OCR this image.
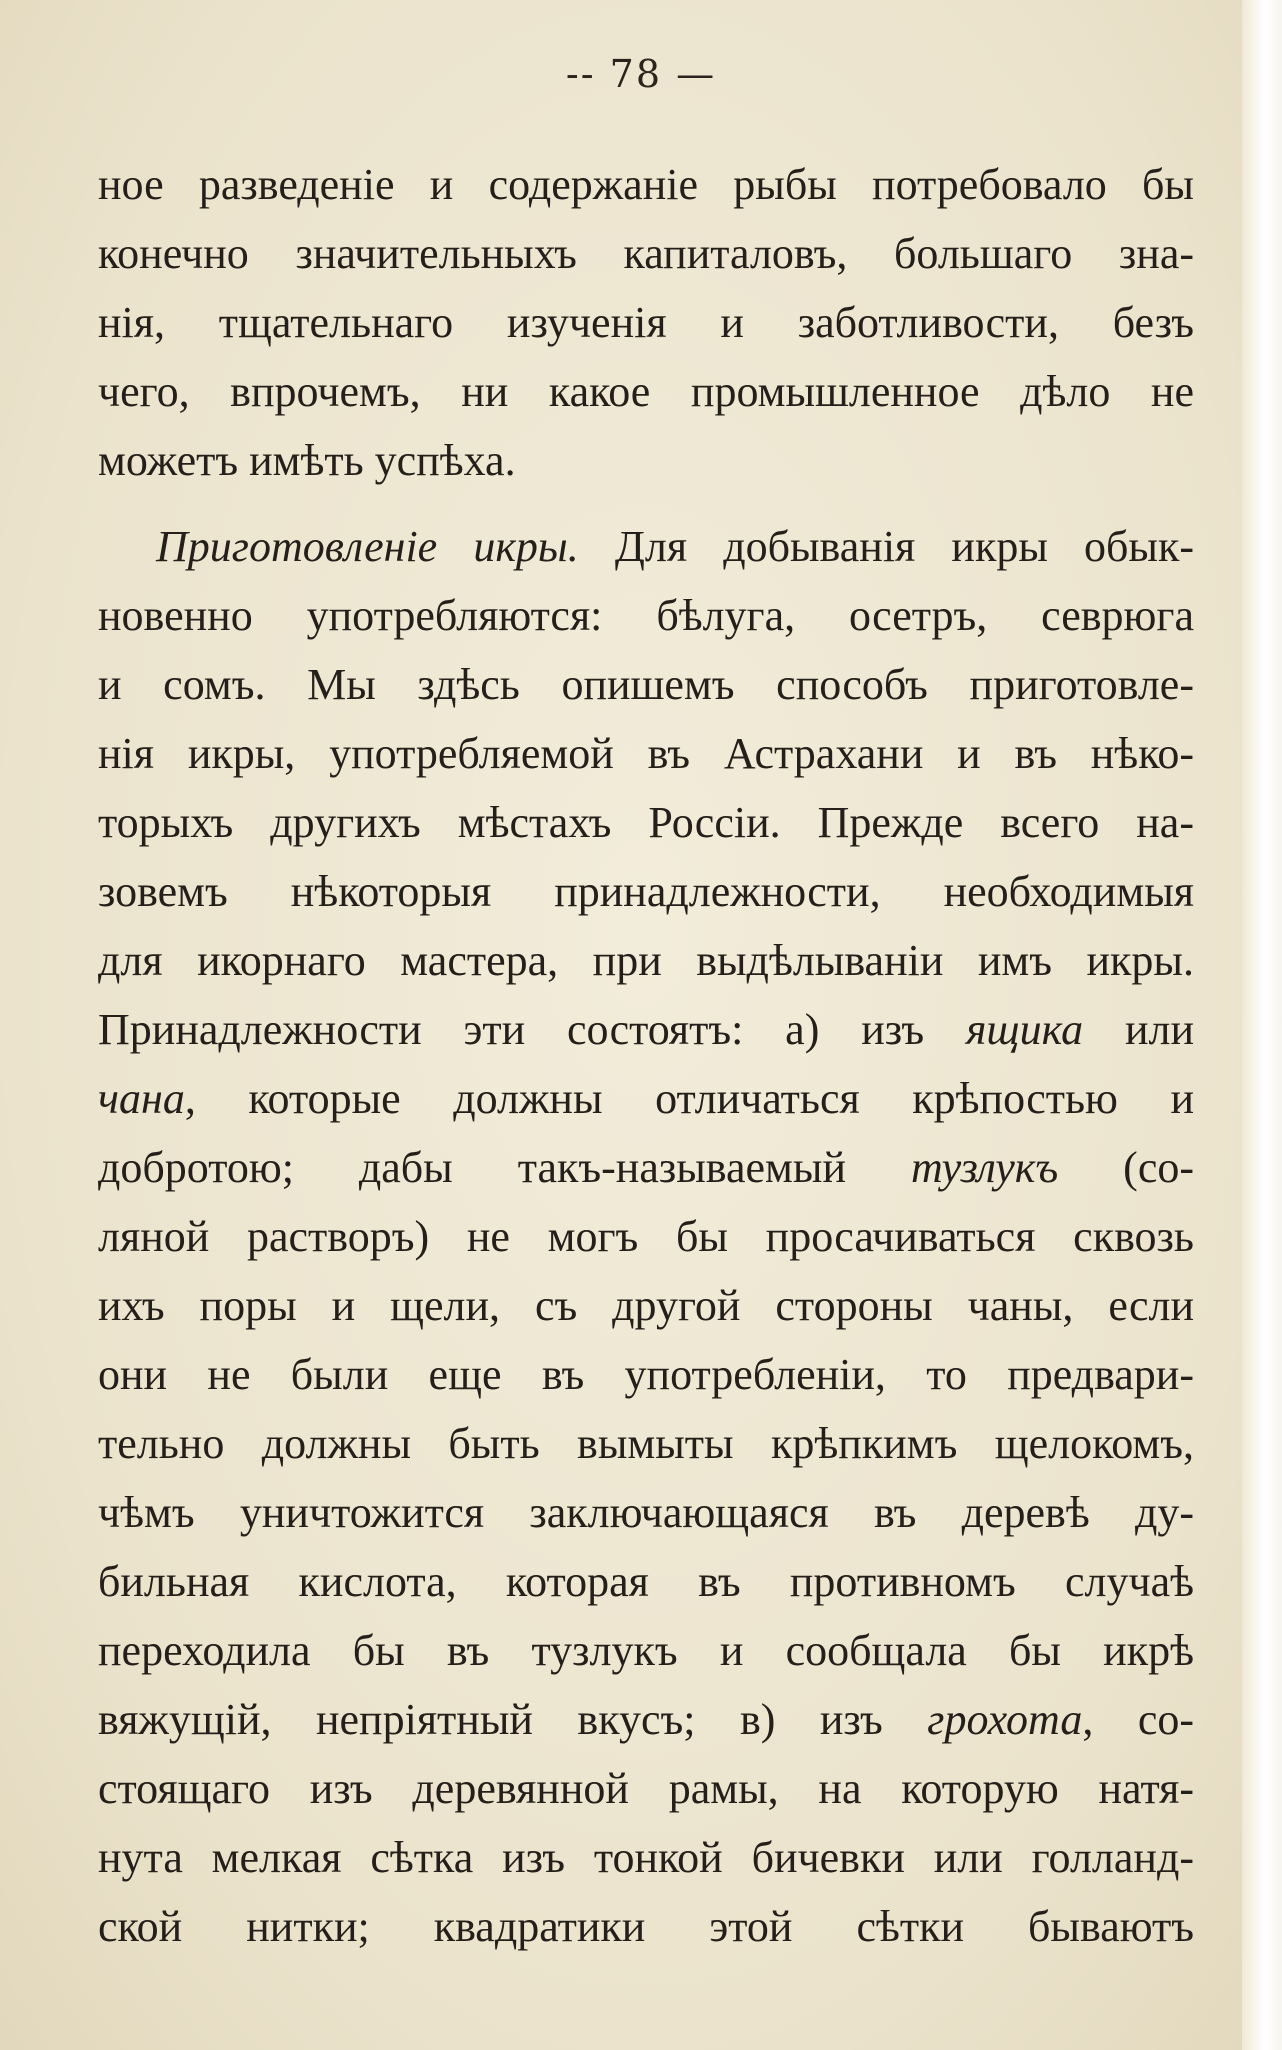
-- 78 —
ное разведеніе и содержаніе рыбы потребовало бы
конечно значительныхъ капиталовъ, большаго зна-
нія, тщательнаго изученія и заботливости, безъ
чего, впрочемъ, ни какое промышленное дѣло не
можетъ имѣть успѣха.
Приготовленіе икры. Для добыванія икры обык-
новенно употребляются: бѣлуга, осетръ, севрюга
и сомъ. Мы здѣсь опишемъ способъ приготовле-
нія икры, употребляемой въ Астрахани и въ нѣко-
торыхъ другихъ мѣстахъ Россіи. Прежде всего на-
зовемъ нѣкоторыя принадлежности, необходимыя
для икорнаго мастера, при выдѣлываніи имъ икры.
Принадлежности эти состоятъ: а) изъ ящика или
чана, которые должны отличаться крѣпостью и
добротою; дабы такъ-называемый тузлукъ (со-
ляной растворъ) не могъ бы просачиваться сквозь
ихъ поры и щели, съ другой стороны чаны, если
они не были еще въ употребленіи, то предвари-
тельно должны быть вымыты крѣпкимъ щелокомъ,
чѣмъ уничтожится заключающаяся въ деревѣ ду-
бильная кислота, которая въ противномъ случаѣ
переходила бы въ тузлукъ и сообщала бы икрѣ
вяжущій, непріятный вкусъ; в) изъ грохота, со-
стоящаго изъ деревянной рамы, на которую натя-
нута мелкая сѣтка изъ тонкой бичевки или голланд-
ской нитки; квадратики этой сѣтки бываютъ
